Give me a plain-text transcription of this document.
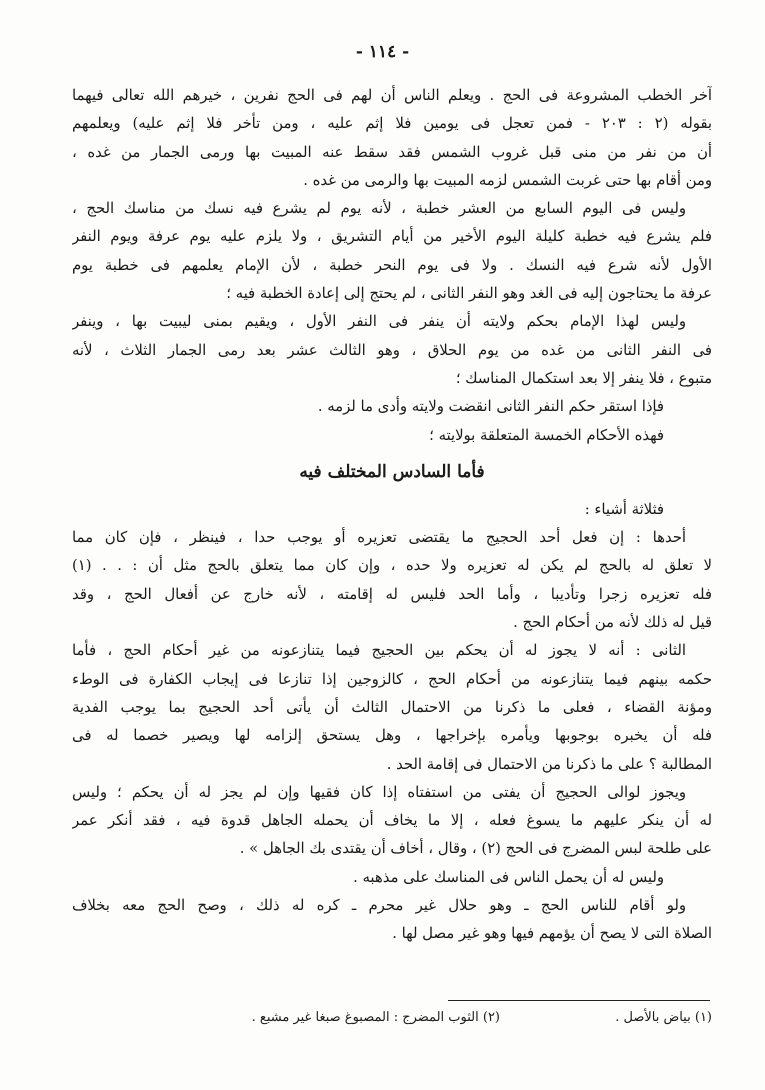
- ١١٤ -
آخر الخطب المشروعة فى الحج . ويعلم الناس أن لهم فى الحج نفرين ، خيرهم الله تعالى فيهما
بقوله (٢ : ٢٠٣ - فمن تعجل فى يومين فلا إثم عليه ، ومن تأخر فلا إثم عليه) ويعلمهم
أن من نفر من منى قبل غروب الشمس فقد سقط عنه المبيت بها ورمى الجمار من غده ،
ومن أقام بها حتى غربت الشمس لزمه المبيت بها والرمى من غده .
وليس فى اليوم السابع من العشر خطبة ، لأنه يوم لم يشرع فيه نسك من مناسك الحج ،
فلم يشرع فيه خطبة كليلة اليوم الأخير من أيام التشريق ، ولا يلزم عليه يوم عرفة ويوم النفر
الأول لأنه شرع فيه النسك . ولا فى يوم النحر خطبة ، لأن الإمام يعلمهم فى خطبة يوم
عرفة ما يحتاجون إليه فى الغد وهو النفر الثانى ، لم يحتج إلى إعادة الخطبة فيه ؛
وليس لهذا الإمام بحكم ولايته أن ينفر فى النفر الأول ، ويقيم بمنى ليبيت بها ، وينفر
فى النفر الثانى من غده من يوم الحلاق ، وهو الثالث عشر بعد رمى الجمار الثلاث ، لأنه
متبوع ، فلا ينفر إلا بعد استكمال المناسك ؛
فإذا استقر حكم النفر الثانى انقضت ولايته وأدى ما لزمه .
فهذه الأحكام الخمسة المتعلقة بولايته ؛
فأما السادس المختلف فيه
فثلاثة أشياء :
أحدها : إن فعل أحد الحجيج ما يقتضى تعزيره أو يوجب حدا ، فينظر ، فإن كان مما
لا تعلق له بالحج لم يكن له تعزيره ولا حده ، وإن كان مما يتعلق بالحج مثل أن : . . (١)
فله تعزيره زجرا وتأديبا ، وأما الحد فليس له إقامته ، لأنه خارج عن أفعال الحج ، وقد
قيل له ذلك لأنه من أحكام الحج .
الثانى : أنه لا يجوز له أن يحكم بين الحجيج فيما يتنازعونه من غير أحكام الحج ، فأما
حكمه بينهم فيما يتنازعونه من أحكام الحج ، كالزوجين إذا تنازعا فى إيجاب الكفارة فى الوطء
ومؤنة القضاء ، فعلى ما ذكرنا من الاحتمال الثالث أن يأتى أحد الحجيج بما يوجب الفدية
فله أن يخبره بوجوبها ويأمره بإخراجها ، وهل يستحق إلزامه لها ويصير خصما له فى
المطالبة ؟ على ما ذكرنا من الاحتمال فى إقامة الحد .
ويجوز لوالى الحجيج أن يفتى من استفتاه إذا كان فقيها وإن لم يجز له أن يحكم ؛ وليس
له أن ينكر عليهم ما يسوغ فعله ، إلا ما يخاف أن يحمله الجاهل قدوة فيه ، فقد أنكر عمر
على طلحة لبس المضرج فى الحج (٢) ، وقال ، أخاف أن يقتدى بك الجاهل » .
وليس له أن يحمل الناس فى المناسك على مذهبه .
ولو أقام للناس الحج ـ وهو حلال غير محرم ـ كره له ذلك ، وصح الحج معه بخلاف
الصلاة التى لا يصح أن يؤمهم فيها وهو غير مصل لها .
(١) بياض بالأصل .
(٢) الثوب المضرج : المصبوغ صبغا غير مشبع .
